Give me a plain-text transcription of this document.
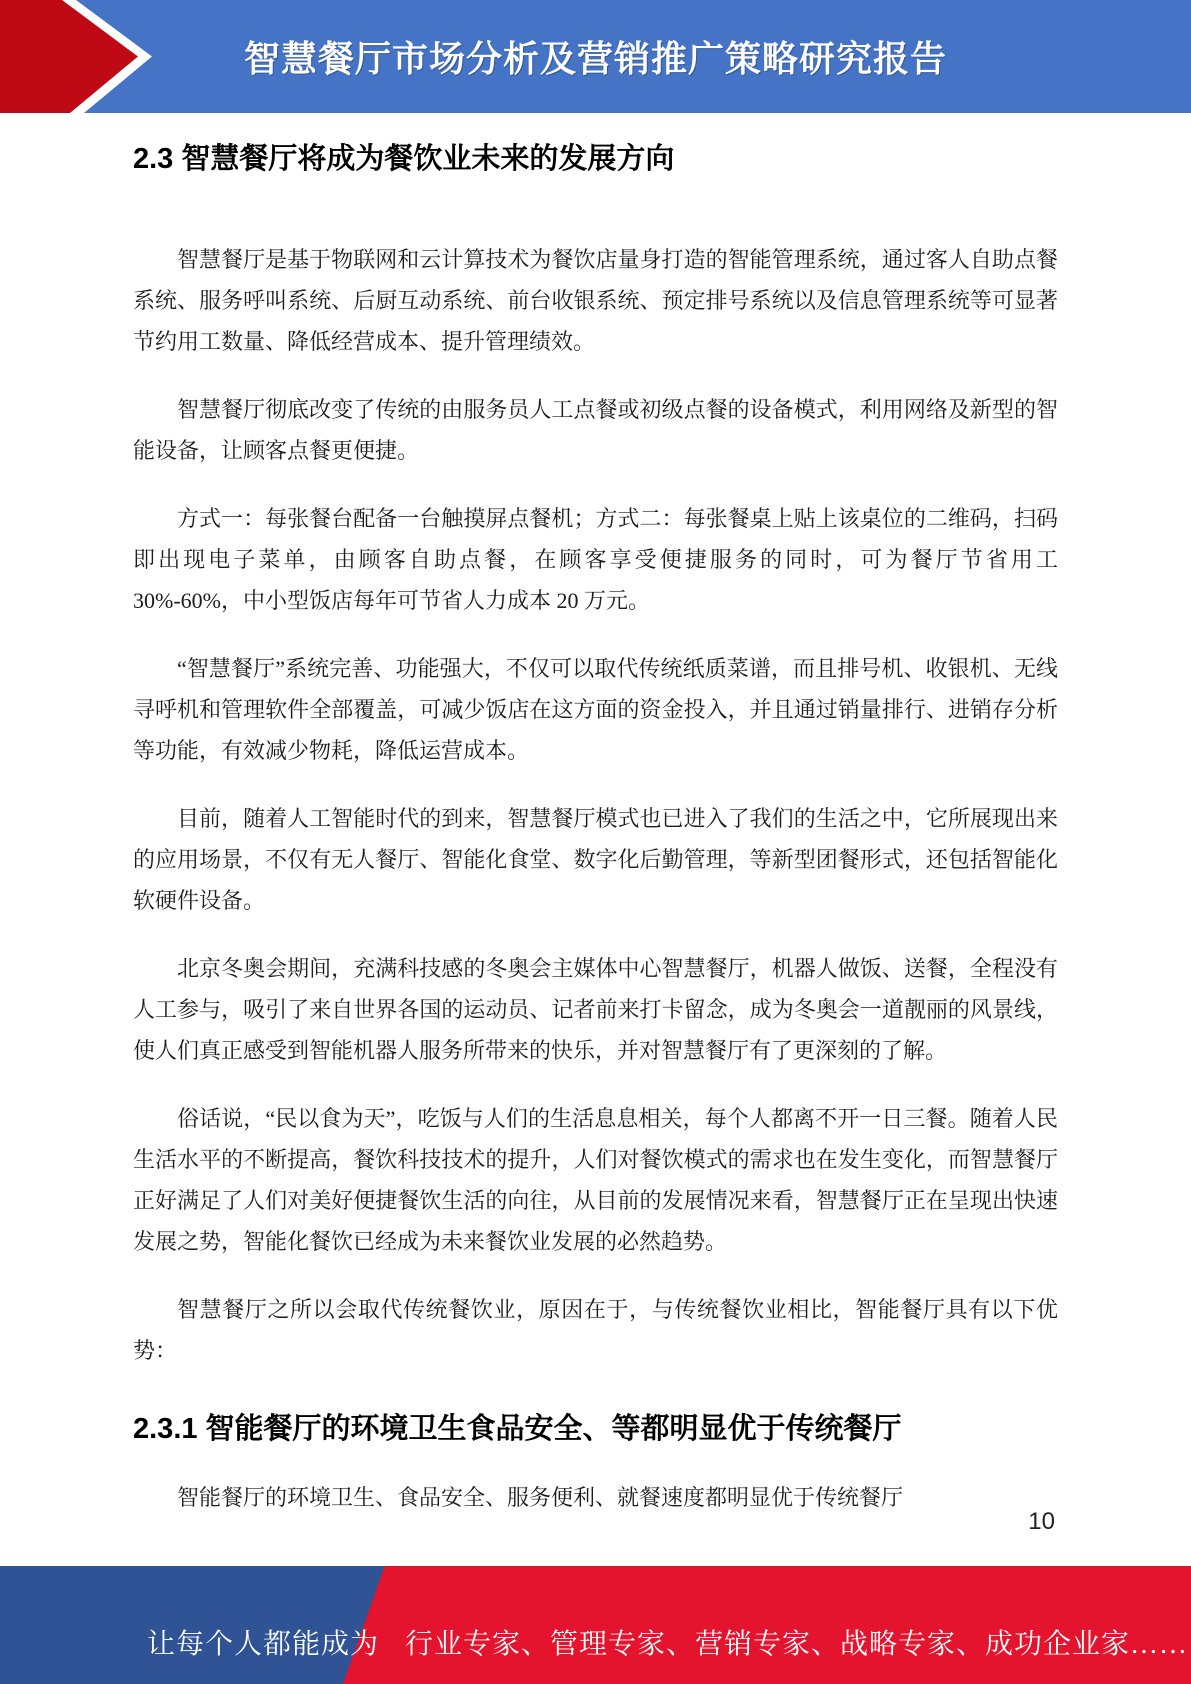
智慧餐厅市场分析及营销推广策略研究报告
2.3 智慧餐厅将成为餐饮业未来的发展方向

智慧餐厅是基于物联网和云计算技术为餐饮店量身打造的智能管理系统，通过客人自助点餐系统、服务呼叫系统、后厨互动系统、前台收银系统、预定排号系统以及信息管理系统等可显著节约用工数量、降低经营成本、提升管理绩效。

智慧餐厅彻底改变了传统的由服务员人工点餐或初级点餐的设备模式，利用网络及新型的智能设备，让顾客点餐更便捷。

方式一：每张餐台配备一台触摸屏点餐机；方式二：每张餐桌上贴上该桌位的二维码，扫码即出现电子菜单，由顾客自助点餐，在顾客享受便捷服务的同时，可为餐厅节省用工 30%-60%，中小型饭店每年可节省人力成本 20 万元。

“智慧餐厅”系统完善、功能强大，不仅可以取代传统纸质菜谱，而且排号机、收银机、无线寻呼机和管理软件全部覆盖，可减少饭店在这方面的资金投入，并且通过销量排行、进销存分析等功能，有效减少物耗，降低运营成本。

目前，随着人工智能时代的到来，智慧餐厅模式也已进入了我们的生活之中，它所展现出来的应用场景，不仅有无人餐厅、智能化食堂、数字化后勤管理，等新型团餐形式，还包括智能化软硬件设备。

北京冬奥会期间，充满科技感的冬奥会主媒体中心智慧餐厅，机器人做饭、送餐，全程没有人工参与，吸引了来自世界各国的运动员、记者前来打卡留念，成为冬奥会一道靓丽的风景线，使人们真正感受到智能机器人服务所带来的快乐，并对智慧餐厅有了更深刻的了解。

俗话说，“民以食为天”，吃饭与人们的生活息息相关，每个人都离不开一日三餐。随着人民生活水平的不断提高，餐饮科技技术的提升，人们对餐饮模式的需求也在发生变化，而智慧餐厅正好满足了人们对美好便捷餐饮生活的向往，从目前的发展情况来看，智慧餐厅正在呈现出快速发展之势，智能化餐饮已经成为未来餐饮业发展的必然趋势。

智慧餐厅之所以会取代传统餐饮业，原因在于，与传统餐饮业相比，智能餐厅具有以下优势：

2.3.1 智能餐厅的环境卫生食品安全、等都明显优于传统餐厅

智能餐厅的环境卫生、食品安全、服务便利、就餐速度都明显优于传统餐厅

10
让每个人都能成为 行业专家、管理专家、营销专家、战略专家、成功企业家……
